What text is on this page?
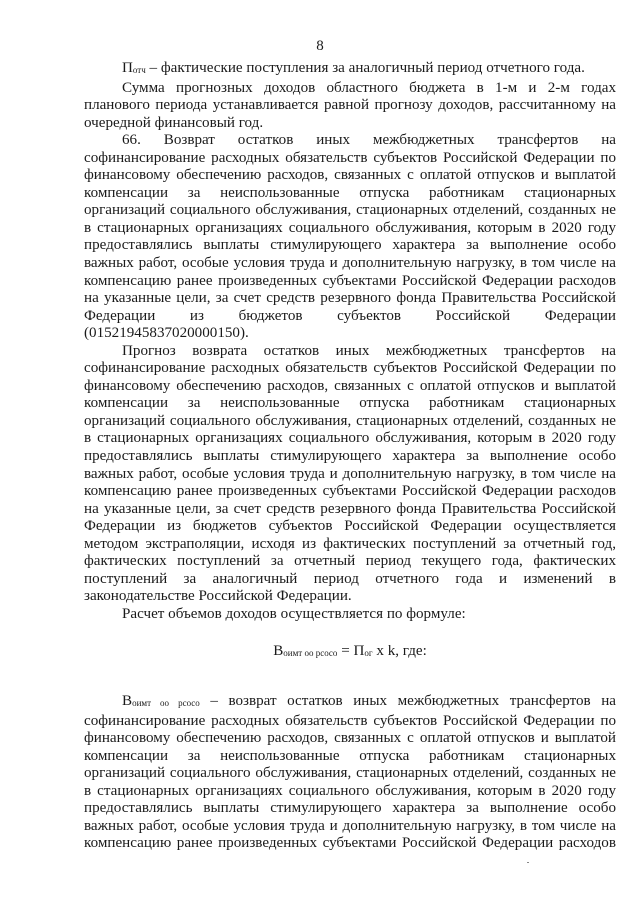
8

Потч – фактические поступления за аналогичный период отчетного года.

Сумма прогнозных доходов областного бюджета в 1-м и 2-м годах планового периода устанавливается равной прогнозу доходов, рассчитанному на очередной финансовый год.

66. Возврат остатков иных межбюджетных трансфертов на софинансирование расходных обязательств субъектов Российской Федерации по финансовому обеспечению расходов, связанных с оплатой отпусков и выплатой компенсации за неиспользованные отпуска работникам стационарных организаций социального обслуживания, стационарных отделений, созданных не в стационарных организациях социального обслуживания, которым в 2020 году предоставлялись выплаты стимулирующего характера за выполнение особо важных работ, особые условия труда и дополнительную нагрузку, в том числе на компенсацию ранее произведенных субъектами Российской Федерации расходов на указанные цели, за счет средств резервного фонда Правительства Российской Федерации из бюджетов субъектов Российской Федерации (01521945837020000150).

Прогноз возврата остатков иных межбюджетных трансфертов на софинансирование расходных обязательств субъектов Российской Федерации по финансовому обеспечению расходов, связанных с оплатой отпусков и выплатой компенсации за неиспользованные отпуска работникам стационарных организаций социального обслуживания, стационарных отделений, созданных не в стационарных организациях социального обслуживания, которым в 2020 году предоставлялись выплаты стимулирующего характера за выполнение особо важных работ, особые условия труда и дополнительную нагрузку, в том числе на компенсацию ранее произведенных субъектами Российской Федерации расходов на указанные цели, за счет средств резервного фонда Правительства Российской Федерации из бюджетов субъектов Российской Федерации осуществляется методом экстраполяции, исходя из фактических поступлений за отчетный год, фактических поступлений за отчетный период текущего года, фактических поступлений за аналогичный период отчетного года и изменений в законодательстве Российской Федерации.

Расчет объемов доходов осуществляется по формуле:

Воимт оо рсосо = Пог х k, где:

Воимт оо рсосо – возврат остатков иных межбюджетных трансфертов на софинансирование расходных обязательств субъектов Российской Федерации по финансовому обеспечению расходов, связанных с оплатой отпусков и выплатой компенсации за неиспользованные отпуска работникам стационарных организаций социального обслуживания, стационарных отделений, созданных не в стационарных организациях социального обслуживания, которым в 2020 году предоставлялись выплаты стимулирующего характера за выполнение особо важных работ, особые условия труда и дополнительную нагрузку, в том числе на компенсацию ранее произведенных субъектами Российской Федерации расходов
